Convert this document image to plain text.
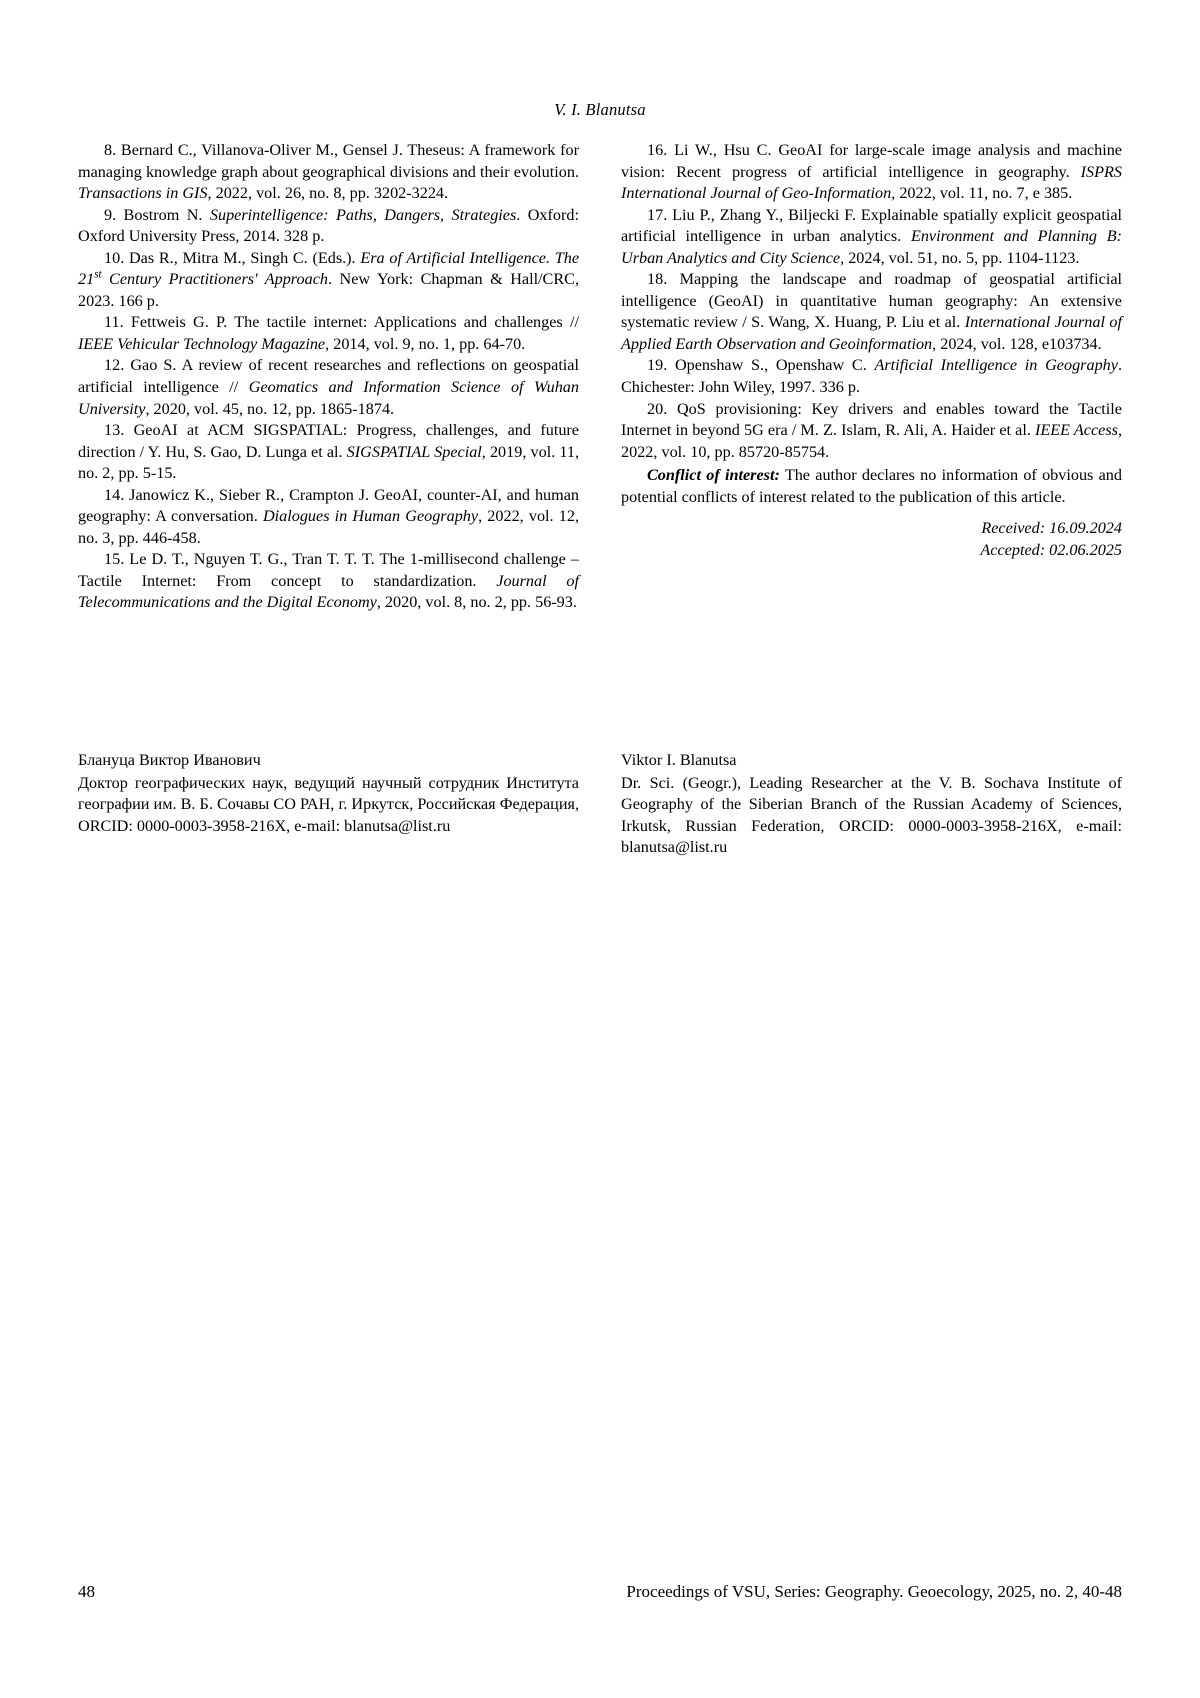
V. I. Blanutsa

8. Bernard C., Villanova-Oliver M., Gensel J. Theseus: A framework for managing knowledge graph about geographical divisions and their evolution. Transactions in GIS, 2022, vol. 26, no. 8, pp. 3202-3224.

9. Bostrom N. Superintelligence: Paths, Dangers, Strategies. Oxford: Oxford University Press, 2014. 328 p.

10. Das R., Mitra M., Singh C. (Eds.). Era of Artificial Intelligence. The 21st Century Practitioners' Approach. New York: Chapman & Hall/CRC, 2023. 166 p.

11. Fettweis G. P. The tactile internet: Applications and challenges // IEEE Vehicular Technology Magazine, 2014, vol. 9, no. 1, pp. 64-70.

12. Gao S. A review of recent researches and reflections on geospatial artificial intelligence // Geomatics and Information Science of Wuhan University, 2020, vol. 45, no. 12, pp. 1865-1874.

13. GeoAI at ACM SIGSPATIAL: Progress, challenges, and future direction / Y. Hu, S. Gao, D. Lunga et al. SIGSPATIAL Special, 2019, vol. 11, no. 2, pp. 5-15.

14. Janowicz K., Sieber R., Crampton J. GeoAI, counter-AI, and human geography: A conversation. Dialogues in Human Geography, 2022, vol. 12, no. 3, pp. 446-458.

15. Le D. T., Nguyen T. G., Tran T. T. T. The 1-millisecond challenge – Tactile Internet: From concept to standardization. Journal of Telecommunications and the Digital Economy, 2020, vol. 8, no. 2, pp. 56-93.

16. Li W., Hsu C. GeoAI for large-scale image analysis and machine vision: Recent progress of artificial intelligence in geography. ISPRS International Journal of Geo-Information, 2022, vol. 11, no. 7, e 385.

17. Liu P., Zhang Y., Biljecki F. Explainable spatially explicit geospatial artificial intelligence in urban analytics. Environment and Planning B: Urban Analytics and City Science, 2024, vol. 51, no. 5, pp. 1104-1123.

18. Mapping the landscape and roadmap of geospatial artificial intelligence (GeoAI) in quantitative human geography: An extensive systematic review / S. Wang, X. Huang, P. Liu et al. International Journal of Applied Earth Observation and Geoinformation, 2024, vol. 128, e103734.

19. Openshaw S., Openshaw C. Artificial Intelligence in Geography. Chichester: John Wiley, 1997. 336 p.

20. QoS provisioning: Key drivers and enables toward the Tactile Internet in beyond 5G era / M. Z. Islam, R. Ali, A. Haider et al. IEEE Access, 2022, vol. 10, pp. 85720-85754.

Conflict of interest: The author declares no information of obvious and potential conflicts of interest related to the publication of this article.

Received: 16.09.2024
Accepted: 02.06.2025

Блануца Виктор Иванович

Доктор географических наук, ведущий научный сотрудник Института географии им. В. Б. Сочавы СО РАН, г. Иркутск, Российская Федерация, ORCID: 0000-0003-3958-216X, e-mail: blanutsa@list.ru

Viktor I. Blanutsa

Dr. Sci. (Geogr.), Leading Researcher at the V. B. Sochava Institute of Geography of the Siberian Branch of the Russian Academy of Sciences, Irkutsk, Russian Federation, ORCID: 0000-0003-3958-216X, e-mail: blanutsa@list.ru

48	Proceedings of VSU, Series: Geography. Geoecology, 2025, no. 2, 40-48
